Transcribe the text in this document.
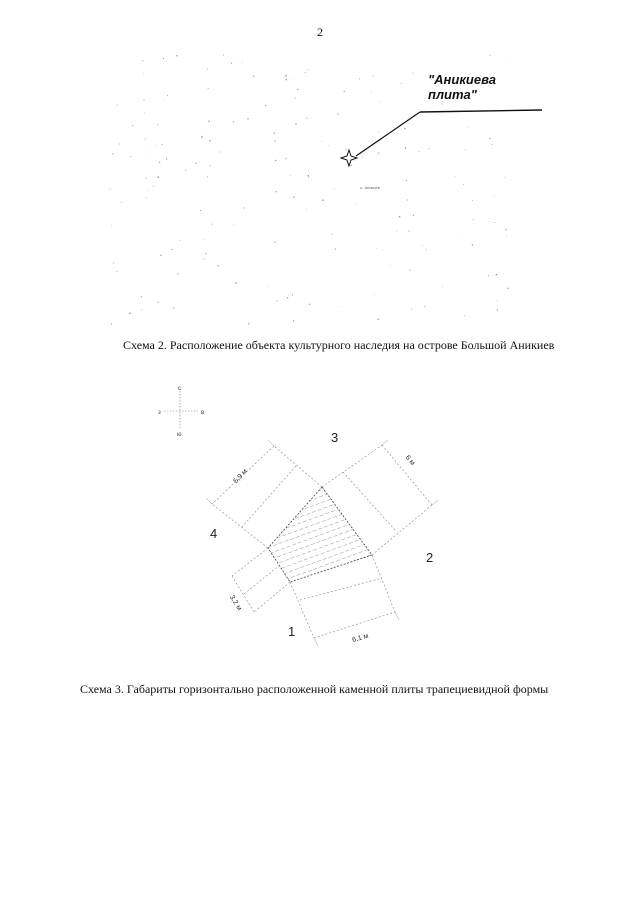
2
о. Аникиев
"Аникиева
плита"
Схема 2. Расположение объекта культурного наследия на острове Большой Аникиев
с
ю
з	в
3
4
2
1
5,9 м
6 м
3,2 м
6,1 м
Схема 3. Габариты горизонтально расположенной каменной плиты трапециевидной формы
